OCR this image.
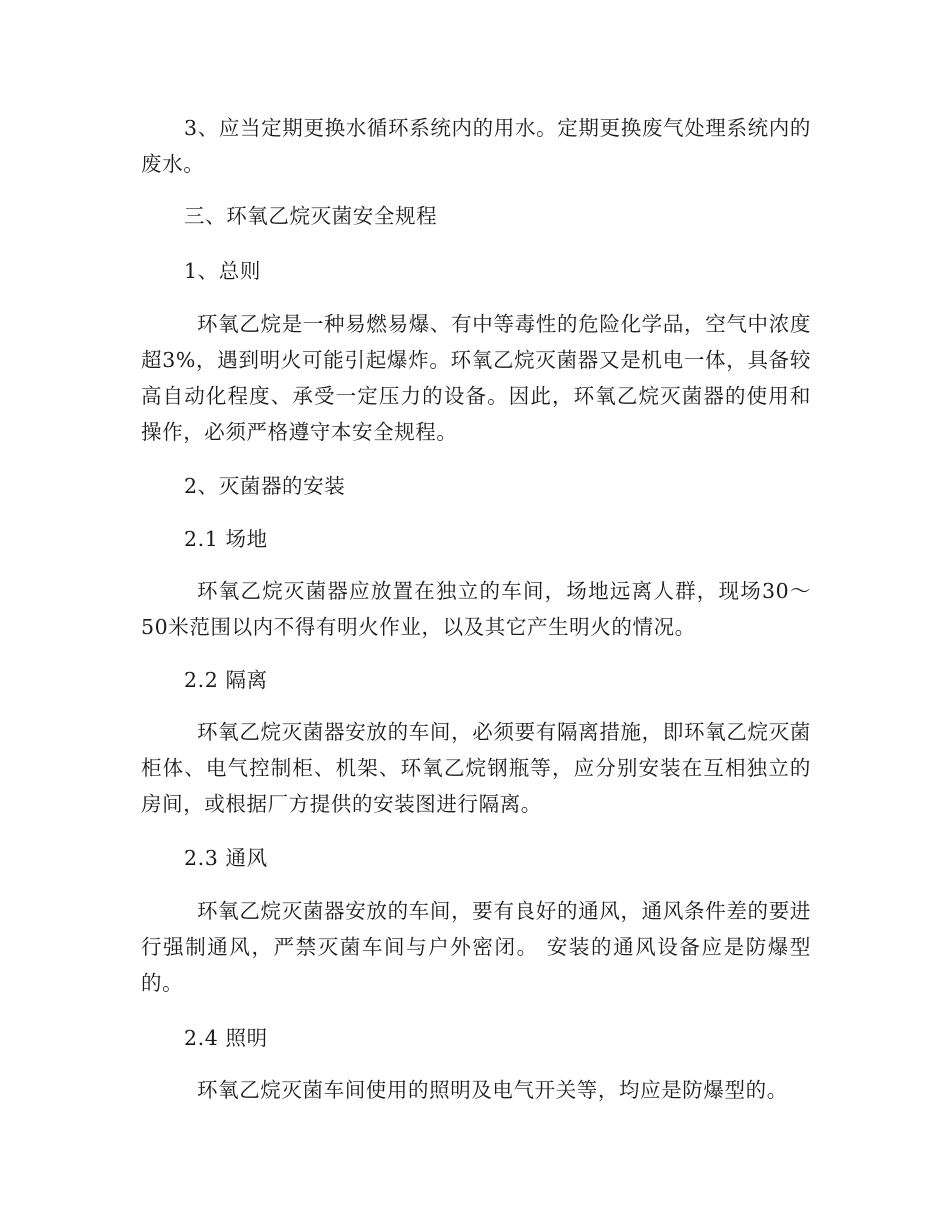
3、应当定期更换水循环系统内的用水。定期更换废气处理系统内的废水。
三、环氧乙烷灭菌安全规程
1、总则
环氧乙烷是一种易燃易爆、有中等毒性的危险化学品，空气中浓度超3%，遇到明火可能引起爆炸。环氧乙烷灭菌器又是机电一体，具备较高自动化程度、承受一定压力的设备。因此，环氧乙烷灭菌器的使用和操作，必须严格遵守本安全规程。
2、灭菌器的安装
2.1 场地
环氧乙烷灭菌器应放置在独立的车间，场地远离人群，现场30～50米范围以内不得有明火作业，以及其它产生明火的情况。
2.2 隔离
环氧乙烷灭菌器安放的车间，必须要有隔离措施，即环氧乙烷灭菌柜体、电气控制柜、机架、环氧乙烷钢瓶等，应分别安装在互相独立的房间，或根据厂方提供的安装图进行隔离。
2.3 通风
环氧乙烷灭菌器安放的车间，要有良好的通风，通风条件差的要进行强制通风，严禁灭菌车间与户外密闭。 安装的通风设备应是防爆型的。
2.4 照明
环氧乙烷灭菌车间使用的照明及电气开关等，均应是防爆型的。
